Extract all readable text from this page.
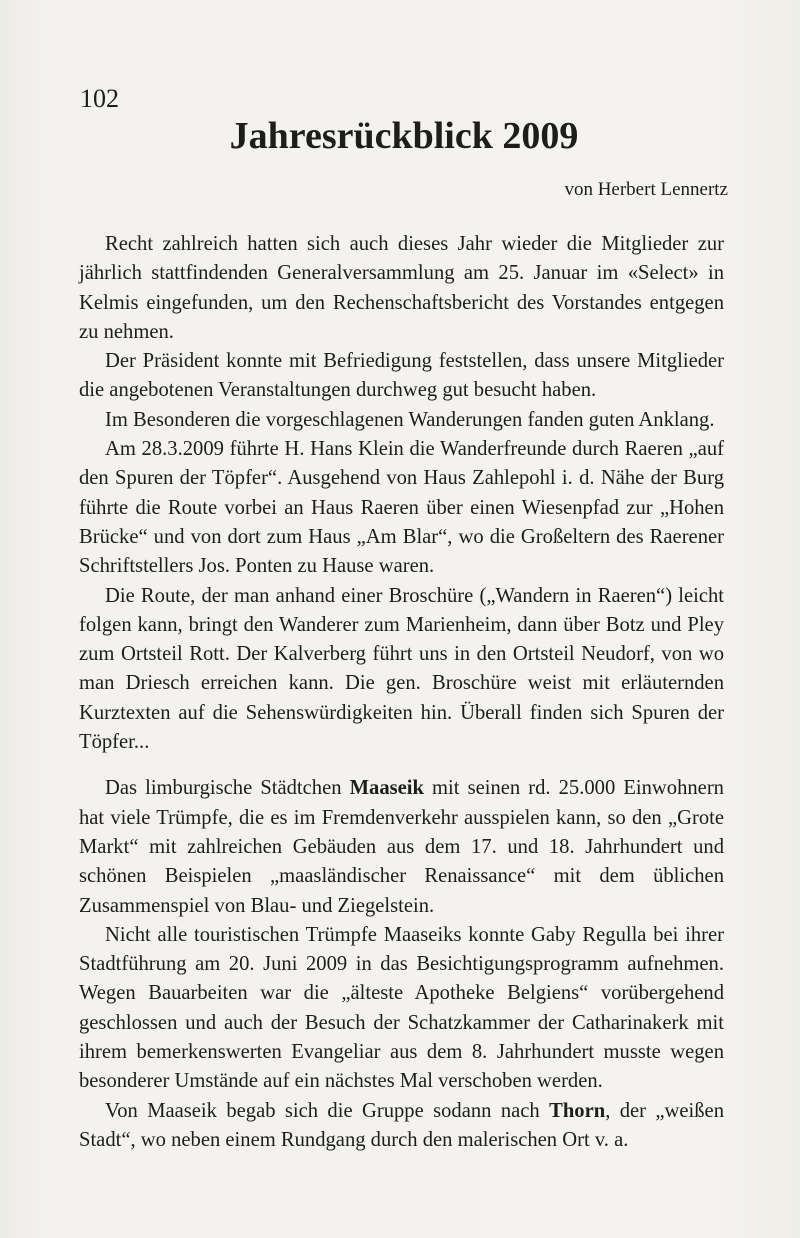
102
Jahresrückblick 2009
von Herbert Lennertz

Recht zahlreich hatten sich auch dieses Jahr wieder die Mitglieder zur jährlich stattfindenden Generalversammlung am 25. Januar im «Select» in Kelmis eingefunden, um den Rechenschaftsbericht des Vorstandes entgegen zu nehmen.

Der Präsident konnte mit Befriedigung feststellen, dass unsere Mitglieder die angebotenen Veranstaltungen durchweg gut besucht haben.

Im Besonderen die vorgeschlagenen Wanderungen fanden guten Anklang.

Am 28.3.2009 führte H. Hans Klein die Wanderfreunde durch Raeren „auf den Spuren der Töpfer“. Ausgehend von Haus Zahlepohl i. d. Nähe der Burg führte die Route vorbei an Haus Raeren über einen Wiesenpfad zur „Hohen Brücke“ und von dort zum Haus „Am Blar“, wo die Großeltern des Raerener Schriftstellers Jos. Ponten zu Hause waren.

Die Route, der man anhand einer Broschüre („Wandern in Raeren“) leicht folgen kann, bringt den Wanderer zum Marienheim, dann über Botz und Pley zum Ortsteil Rott. Der Kalverberg führt uns in den Ortsteil Neudorf, von wo man Driesch erreichen kann. Die gen. Broschüre weist mit erläuternden Kurztexten auf die Sehenswürdigkeiten hin. Überall finden sich Spuren der Töpfer...

Das limburgische Städtchen Maaseik mit seinen rd. 25.000 Einwohnern hat viele Trümpfe, die es im Fremdenverkehr ausspielen kann, so den „Grote Markt“ mit zahlreichen Gebäuden aus dem 17. und 18. Jahrhundert und schönen Beispielen „maasländischer Renaissance“ mit dem üblichen Zusammenspiel von Blau- und Ziegelstein.

Nicht alle touristischen Trümpfe Maaseiks konnte Gaby Regulla bei ihrer Stadtführung am 20. Juni 2009 in das Besichtigungsprogramm aufnehmen. Wegen Bauarbeiten war die „älteste Apotheke Belgiens“ vorübergehend geschlossen und auch der Besuch der Schatzkammer der Catharinakerk mit ihrem bemerkenswerten Evangeliar aus dem 8. Jahrhundert musste wegen besonderer Umstände auf ein nächstes Mal verschoben werden.

Von Maaseik begab sich die Gruppe sodann nach Thorn, der „weißen Stadt“, wo neben einem Rundgang durch den malerischen Ort v. a.
